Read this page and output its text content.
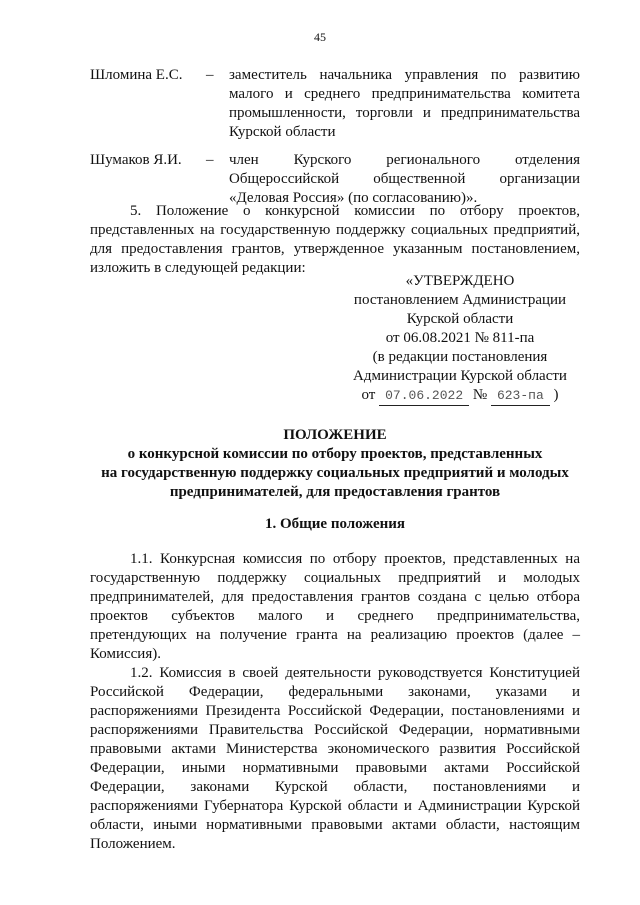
45
Шломина Е.С. – заместитель начальника управления по развитию
малого и среднего предпринимательства комитета
промышленности, торговли и предпринимательства
Курской области
Шумаков Я.И. – член Курского регионального отделения
Общероссийской общественной организации
«Деловая Россия» (по согласованию)».
5. Положение о конкурсной комиссии по отбору проектов,
представленных на государственную поддержку социальных предприятий,
для предоставления грантов, утвержденное указанным постановлением,
изложить в следующей редакции:
«УТВЕРЖДЕНО
постановлением Администрации
Курской области
от 06.08.2021 № 811-па
(в редакции постановления
Администрации Курской области
от 07.06.2022 № 623-па )
ПОЛОЖЕНИЕ
о конкурсной комиссии по отбору проектов, представленных
на государственную поддержку социальных предприятий и молодых
предпринимателей, для предоставления грантов
1. Общие положения
1.1. Конкурсная комиссия по отбору проектов, представленных на
государственную поддержку социальных предприятий и молодых
предпринимателей, для предоставления грантов создана с целью отбора
проектов субъектов малого и среднего предпринимательства,
претендующих на получение гранта на реализацию проектов (далее –
Комиссия).
1.2. Комиссия в своей деятельности руководствуется Конституцией
Российской Федерации, федеральными законами, указами и
распоряжениями Президента Российской Федерации, постановлениями и
распоряжениями Правительства Российской Федерации, нормативными
правовыми актами Министерства экономического развития Российской
Федерации, иными нормативными правовыми актами Российской
Федерации, законами Курской области, постановлениями и
распоряжениями Губернатора Курской области и Администрации Курской
области, иными нормативными правовыми актами области, настоящим
Положением.
